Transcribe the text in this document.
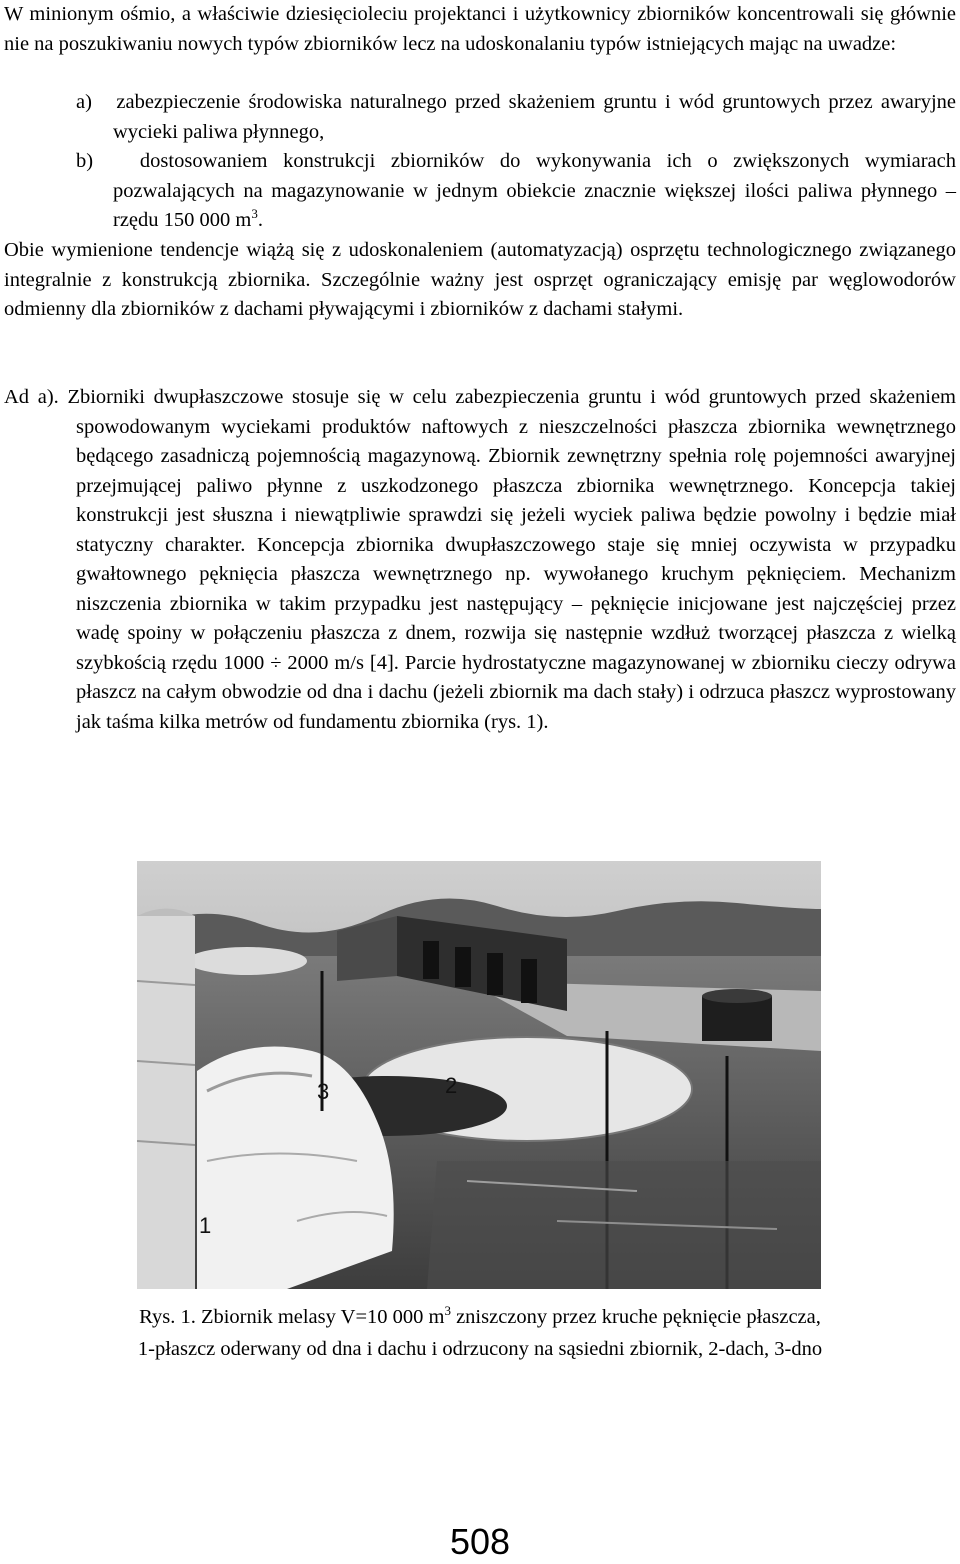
W minionym ośmio, a właściwie dziesięcioleciu projektanci i użytkownicy zbiorników koncentrowali się głównie nie na poszukiwaniu nowych typów zbiorników lecz na udoskonalaniu typów istniejących mając na uwadze:

a)   zabezpieczenie środowiska naturalnego przed skażeniem gruntu i wód gruntowych przez awaryjne wycieki paliwa płynnego,
b)   dostosowaniem konstrukcji zbiorników do wykonywania ich o zwiększonych wymiarach pozwalających na magazynowanie w jednym obiekcie znacznie większej ilości paliwa płynnego – rzędu 150 000 $m^3$.

Obie wymienione tendencje wiążą się z udoskonaleniem (automatyzacją) osprzętu technologicznego związanego integralnie z konstrukcją zbiornika. Szczególnie ważny jest osprzęt ograniczający emisję par węglowodorów odmienny dla zbiorników z dachami pływającymi i zbiorników z dachami stałymi.

Ad a). Zbiorniki dwupłaszczowe stosuje się w celu zabezpieczenia gruntu i wód gruntowych przed skażeniem spowodowanym wyciekami produktów naftowych z nieszczelności płaszcza zbiornika wewnętrznego będącego zasadniczą pojemnością magazynową. Zbiornik zewnętrzny spełnia rolę pojemności awaryjnej przejmującej paliwo płynne z uszkodzonego płaszcza zbiornika wewnętrznego. Koncepcja takiej konstrukcji jest słuszna i niewątpliwie sprawdzi się jeżeli wyciek paliwa będzie powolny i będzie miał statyczny charakter. Koncepcja zbiornika dwupłaszczowego staje się mniej oczywista w przypadku gwałtownego pęknięcia płaszcza wewnętrznego np. wywołanego kruchym pęknięciem. Mechanizm niszczenia zbiornika w takim przypadku jest następujący – pęknięcie inicjowane jest najczęściej przez wadę spoiny w połączeniu płaszcza z dnem, rozwija się następnie wzdłuż tworzącej płaszcza z wielką szybkością rzędu 1000 ÷ 2000 m/s [4]. Parcie hydrostatyczne magazynowanej w zbiorniku cieczy odrywa płaszcz na całym obwodzie od dna i dachu (jeżeli zbiornik ma dach stały) i odrzuca płaszcz wyprostowany jak taśma kilka metrów od fundamentu zbiornika (rys. 1).

3	2
1

Rys. 1. Zbiornik melasy V=10 000 $m^3$ zniszczony przez kruche pęknięcie płaszcza,
1-płaszcz oderwany od dna i dachu i odrzucony na sąsiedni zbiornik, 2-dach, 3-dno

508
